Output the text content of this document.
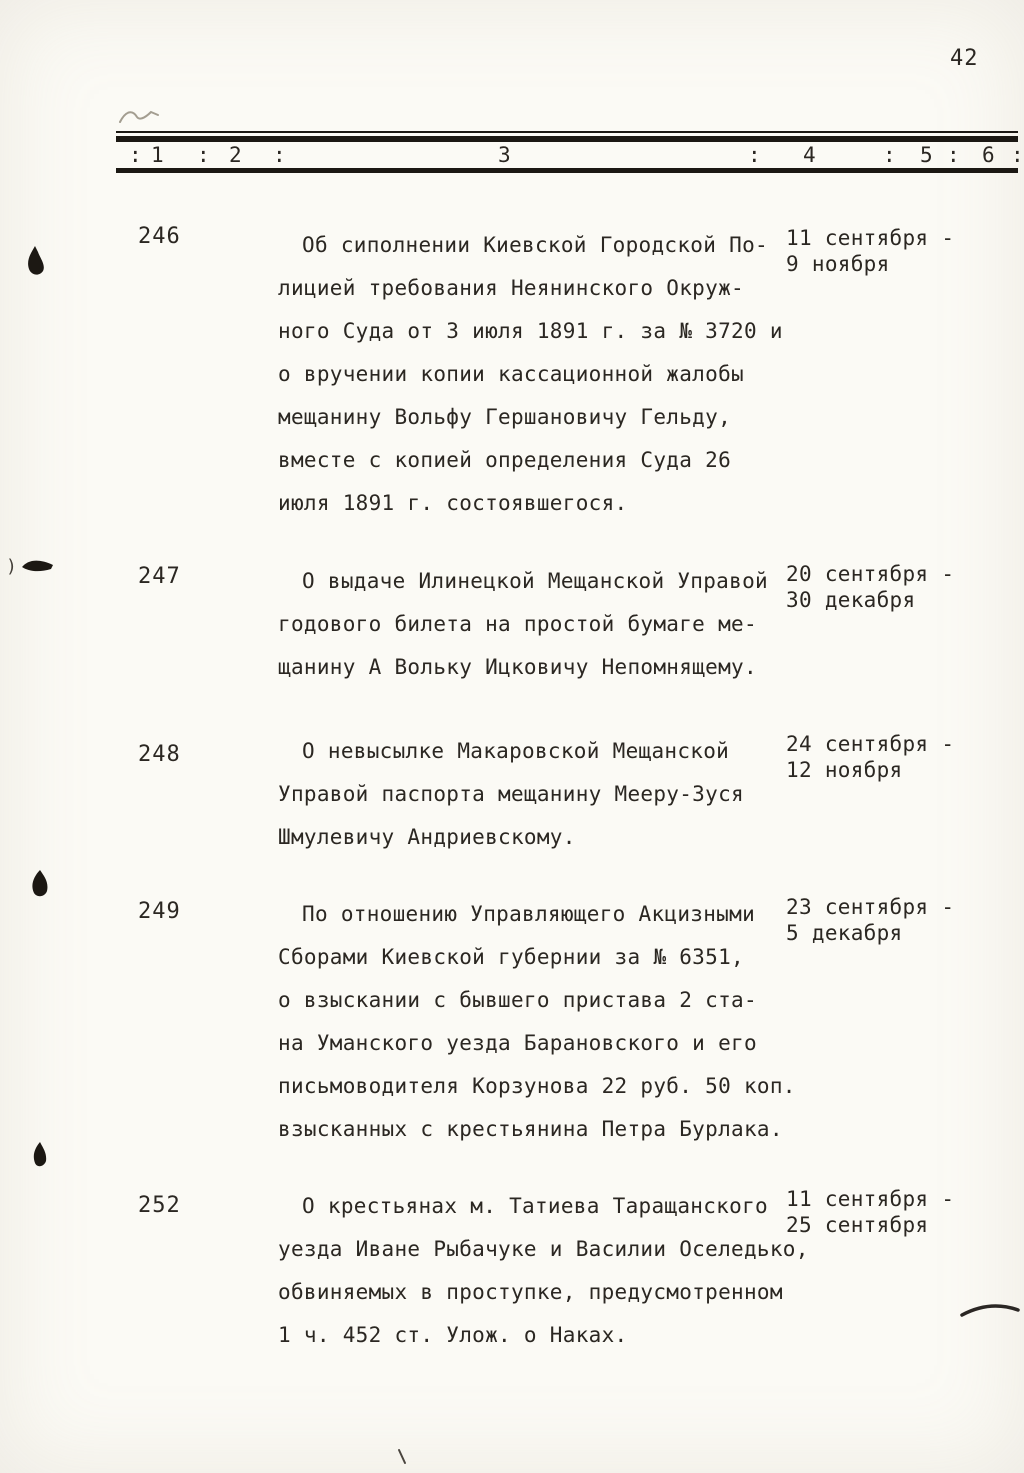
42
: 1 : 2 :	3	: 4	: 5 : 6 :
)
246	Об сиполнении Киевской Городской По-
лицией требования Неянинского Окруж-
ного Суда от 3 июля 1891 г. за № 3720 и
о вручении копии кассационной жалобы
мещанину Вольфу Гершановичу Гельду,
вместе с копией определения Суда 26
июля 1891 г. состоявшегося.
11 сентября -
9 ноября
247	О выдаче Илинецкой Мещанской Управой
годового билета на простой бумаге ме-
щанину А Вольку Ицковичу Непомнящему.
20 сентября -
30 декабря
248	О невысылке Макаровской Мещанской
Управой паспорта мещанину Мееру-Зуся
Шмулевичу Андриевскому.
24 сентября -
12 ноября
249	По отношению Управляющего Акцизными
Сборами Киевской губернии за № 6351,
о взыскании с бывшего пристава 2 ста-
на Уманского уезда Барановского и его
письмоводителя Корзунова 22 руб. 50 коп.
взысканных с крестьянина Петра Бурлака.
23 сентября -
5 декабря
252	О крестьянах м. Татиева Таращанского
уезда Иване Рыбачуке и Василии Оселедько,
обвиняемых в проступке, предусмотренном
1 ч. 452 ст. Улож. о Наках.
11 сентября -
25 сентября
